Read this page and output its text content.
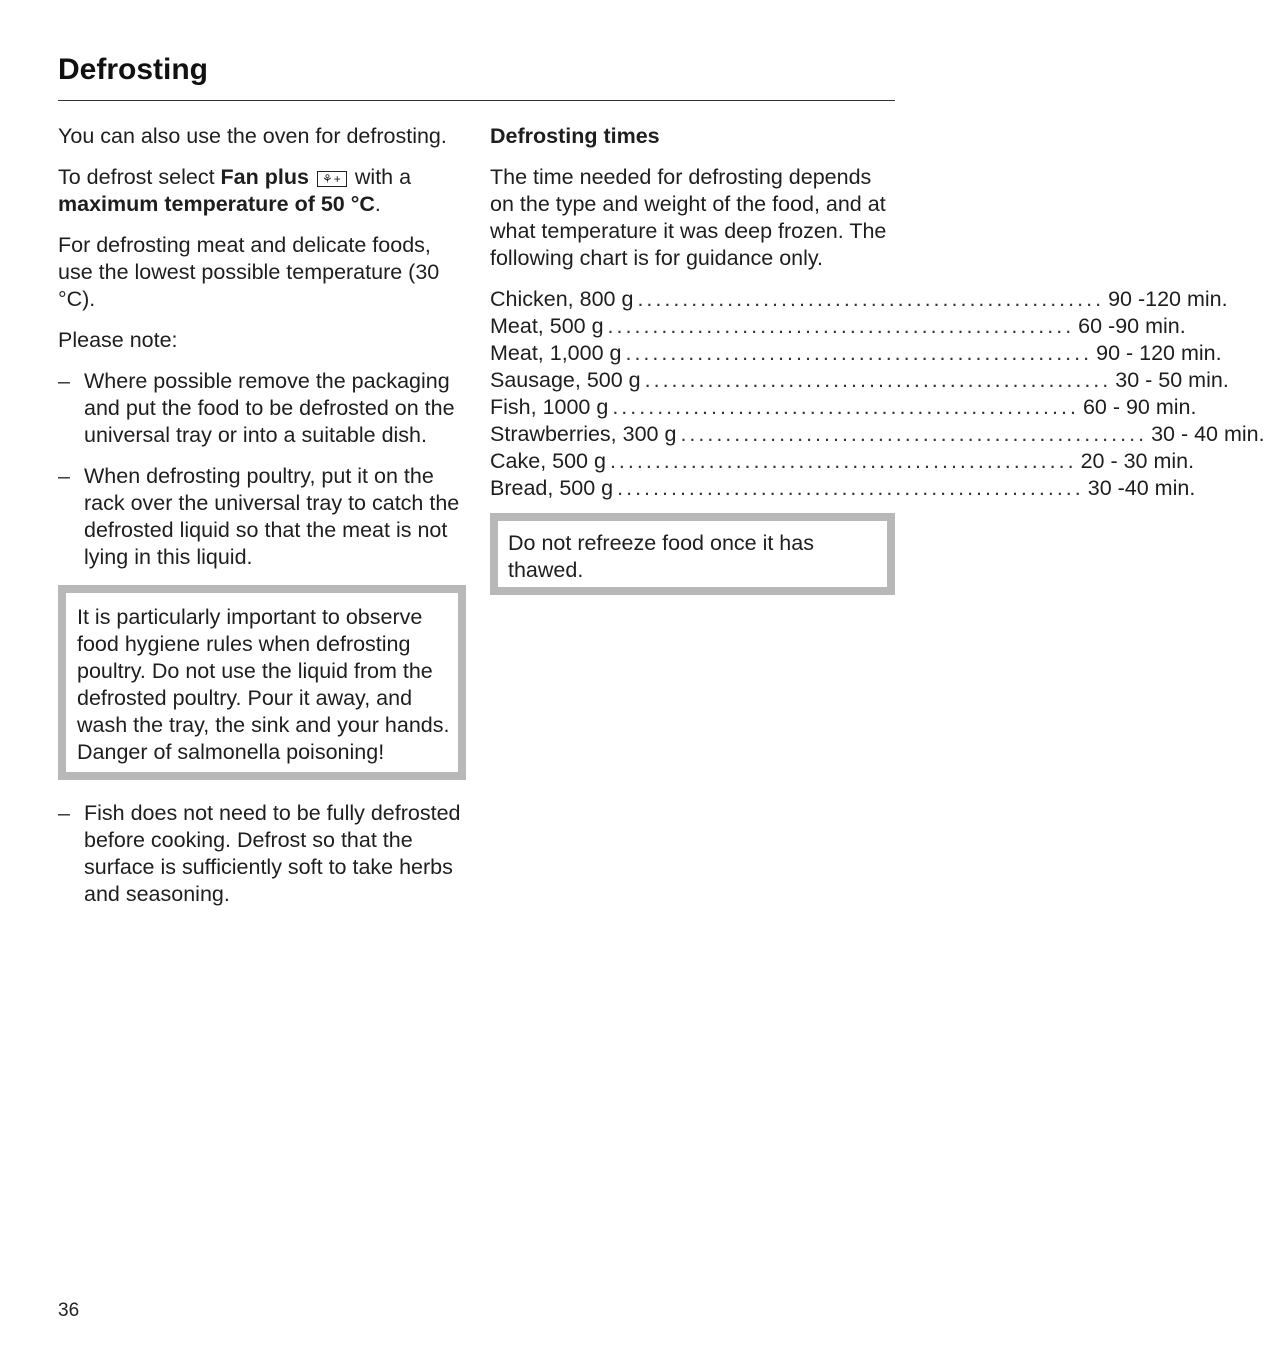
Defrosting

You can also use the oven for defrosting.

To defrost select Fan plus ⚘+ with a maximum temperature of 50 °C.

For defrosting meat and delicate foods, use the lowest possible temperature (30 °C).

Please note:

– Where possible remove the packaging and put the food to be defrosted on the universal tray or into a suitable dish.
– When defrosting poultry, put it on the rack over the universal tray to catch the defrosted liquid so that the meat is not lying in this liquid.
It is particularly important to observe food hygiene rules when defrosting poultry. Do not use the liquid from the defrosted poultry. Pour it away, and wash the tray, the sink and your hands. Danger of salmonella poisoning!
– Fish does not need to be fully defrosted before cooking. Defrost so that the surface is sufficiently soft to take herbs and seasoning.
Defrosting times

The time needed for defrosting depends on the type and weight of the food, and at what temperature it was deep frozen. The following chart is for guidance only.

Chicken, 800 g .................................................... 90 -120 min.
Meat, 500 g .................................................... 60 -90 min.
Meat, 1,000 g .................................................... 90 - 120 min.
Sausage, 500 g .................................................... 30 - 50 min.
Fish, 1000 g .................................................... 60 - 90 min.
Strawberries, 300 g .................................................... 30 - 40 min.
Cake, 500 g .................................................... 20 - 30 min.
Bread, 500 g .................................................... 30 -40 min.
Do not refreeze food once it has thawed.
36
